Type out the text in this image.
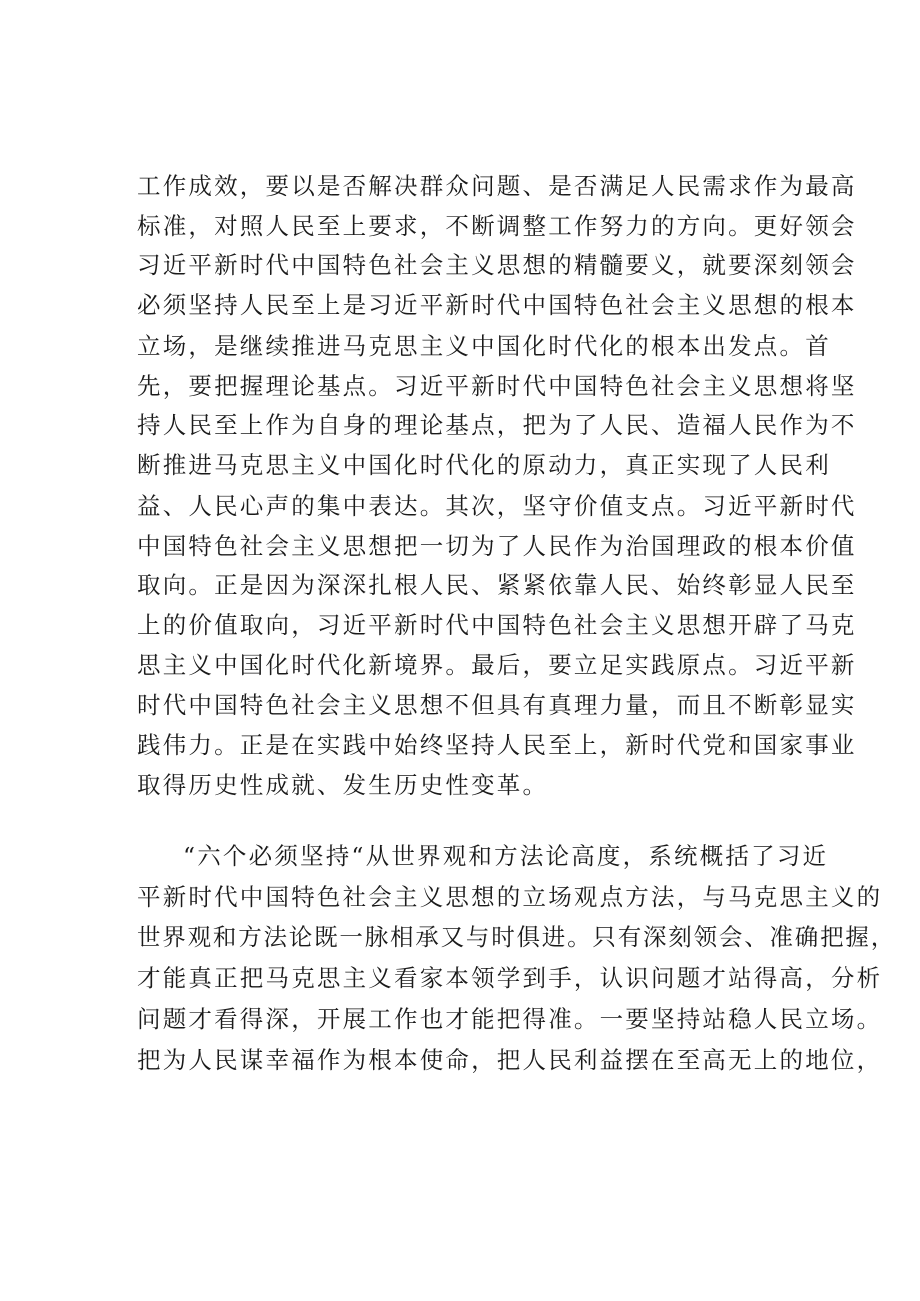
工作成效，要以是否解决群众问题、是否满足人民需求作为最高

标准，对照人民至上要求，不断调整工作努力的方向。更好领会

习近平新时代中国特色社会主义思想的精髓要义，就要深刻领会

必须坚持人民至上是习近平新时代中国特色社会主义思想的根本

立场，是继续推进马克思主义中国化时代化的根本出发点。首

先，要把握理论基点。习近平新时代中国特色社会主义思想将坚

持人民至上作为自身的理论基点，把为了人民、造福人民作为不

断推进马克思主义中国化时代化的原动力，真正实现了人民利

益、人民心声的集中表达。其次，坚守价值支点。习近平新时代

中国特色社会主义思想把一切为了人民作为治国理政的根本价值

取向。正是因为深深扎根人民、紧紧依靠人民、始终彰显人民至

上的价值取向，习近平新时代中国特色社会主义思想开辟了马克

思主义中国化时代化新境界。最后，要立足实践原点。习近平新

时代中国特色社会主义思想不但具有真理力量，而且不断彰显实

践伟力。正是在实践中始终坚持人民至上，新时代党和国家事业

取得历史性成就、发生历史性变革。

“六个必须坚持“从世界观和方法论高度，系统概括了习近

平新时代中国特色社会主义思想的立场观点方法，与马克思主义的

世界观和方法论既一脉相承又与时俱进。只有深刻领会、准确把握，

才能真正把马克思主义看家本领学到手，认识问题才站得高，分析

问题才看得深，开展工作也才能把得准。一要坚持站稳人民立场。

把为人民谋幸福作为根本使命，把人民利益摆在至高无上的地位，
